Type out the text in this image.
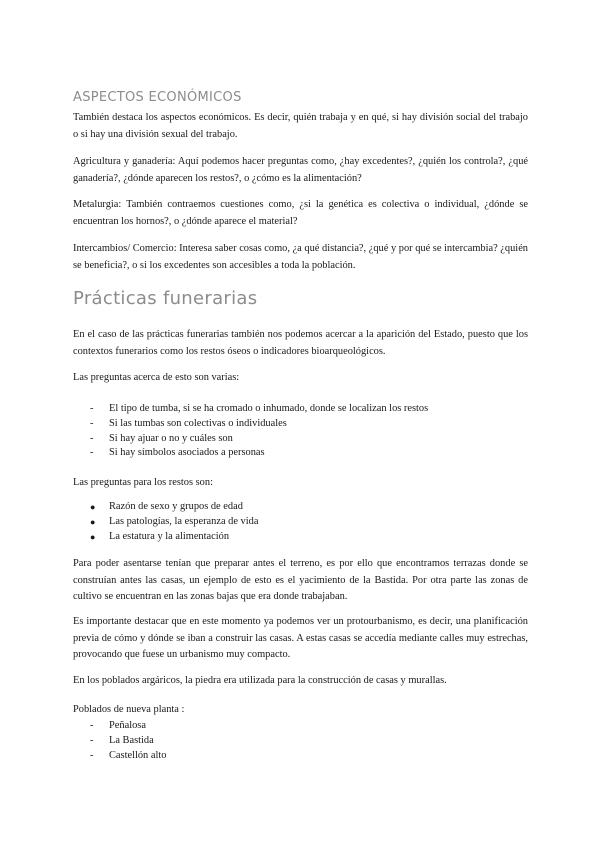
ASPECTOS ECONÓMICOS

También destaca los aspectos económicos. Es decir, quién trabaja y en qué, si hay división social del trabajo o si hay una división sexual del trabajo.

Agricultura y ganadería: Aquí podemos hacer preguntas como, ¿hay excedentes?, ¿quién los controla?, ¿qué ganadería?, ¿dónde aparecen los restos?, o ¿cómo es la alimentación?

Metalurgia: También contraemos cuestiones como, ¿si la genética es colectiva o individual, ¿dónde se encuentran los hornos?, o ¿dónde aparece el material?

Intercambios/ Comercio: Interesa saber cosas como, ¿a qué distancia?, ¿qué y por qué se intercambia? ¿quién se beneficia?, o si los excedentes son accesibles a toda la población.

Prácticas funerarias

En el caso de las prácticas funerarias también nos podemos acercar a la aparición del Estado, puesto que los contextos funerarios como los restos óseos o indicadores bioarqueológicos.

Las preguntas acerca de esto son varias:

- El tipo de tumba, si se ha cromado o inhumado, donde se localizan los restos
- Si las tumbas son colectivas o individuales
- Si hay ajuar o no y cuáles son
- Si hay símbolos asociados a personas

Las preguntas para los restos son:

● Razón de sexo y grupos de edad
● Las patologías, la esperanza de vida
● La estatura y la alimentación

Para poder asentarse tenían que preparar antes el terreno, es por ello que encontramos terrazas donde se construían antes las casas, un ejemplo de esto es el yacimiento de la Bastida. Por otra parte las zonas de cultivo se encuentran en las zonas bajas que era donde trabajaban.

Es importante destacar que en este momento ya podemos ver un protourbanismo, es decir, una planificación previa de cómo y dónde se iban a construir las casas. A estas casas se accedía mediante calles muy estrechas, provocando que fuese un urbanismo muy compacto.

En los poblados argáricos, la piedra era utilizada para la construcción de casas y murallas.

Poblados de nueva planta :

- Peñalosa
- La Bastida
- Castellón alto
